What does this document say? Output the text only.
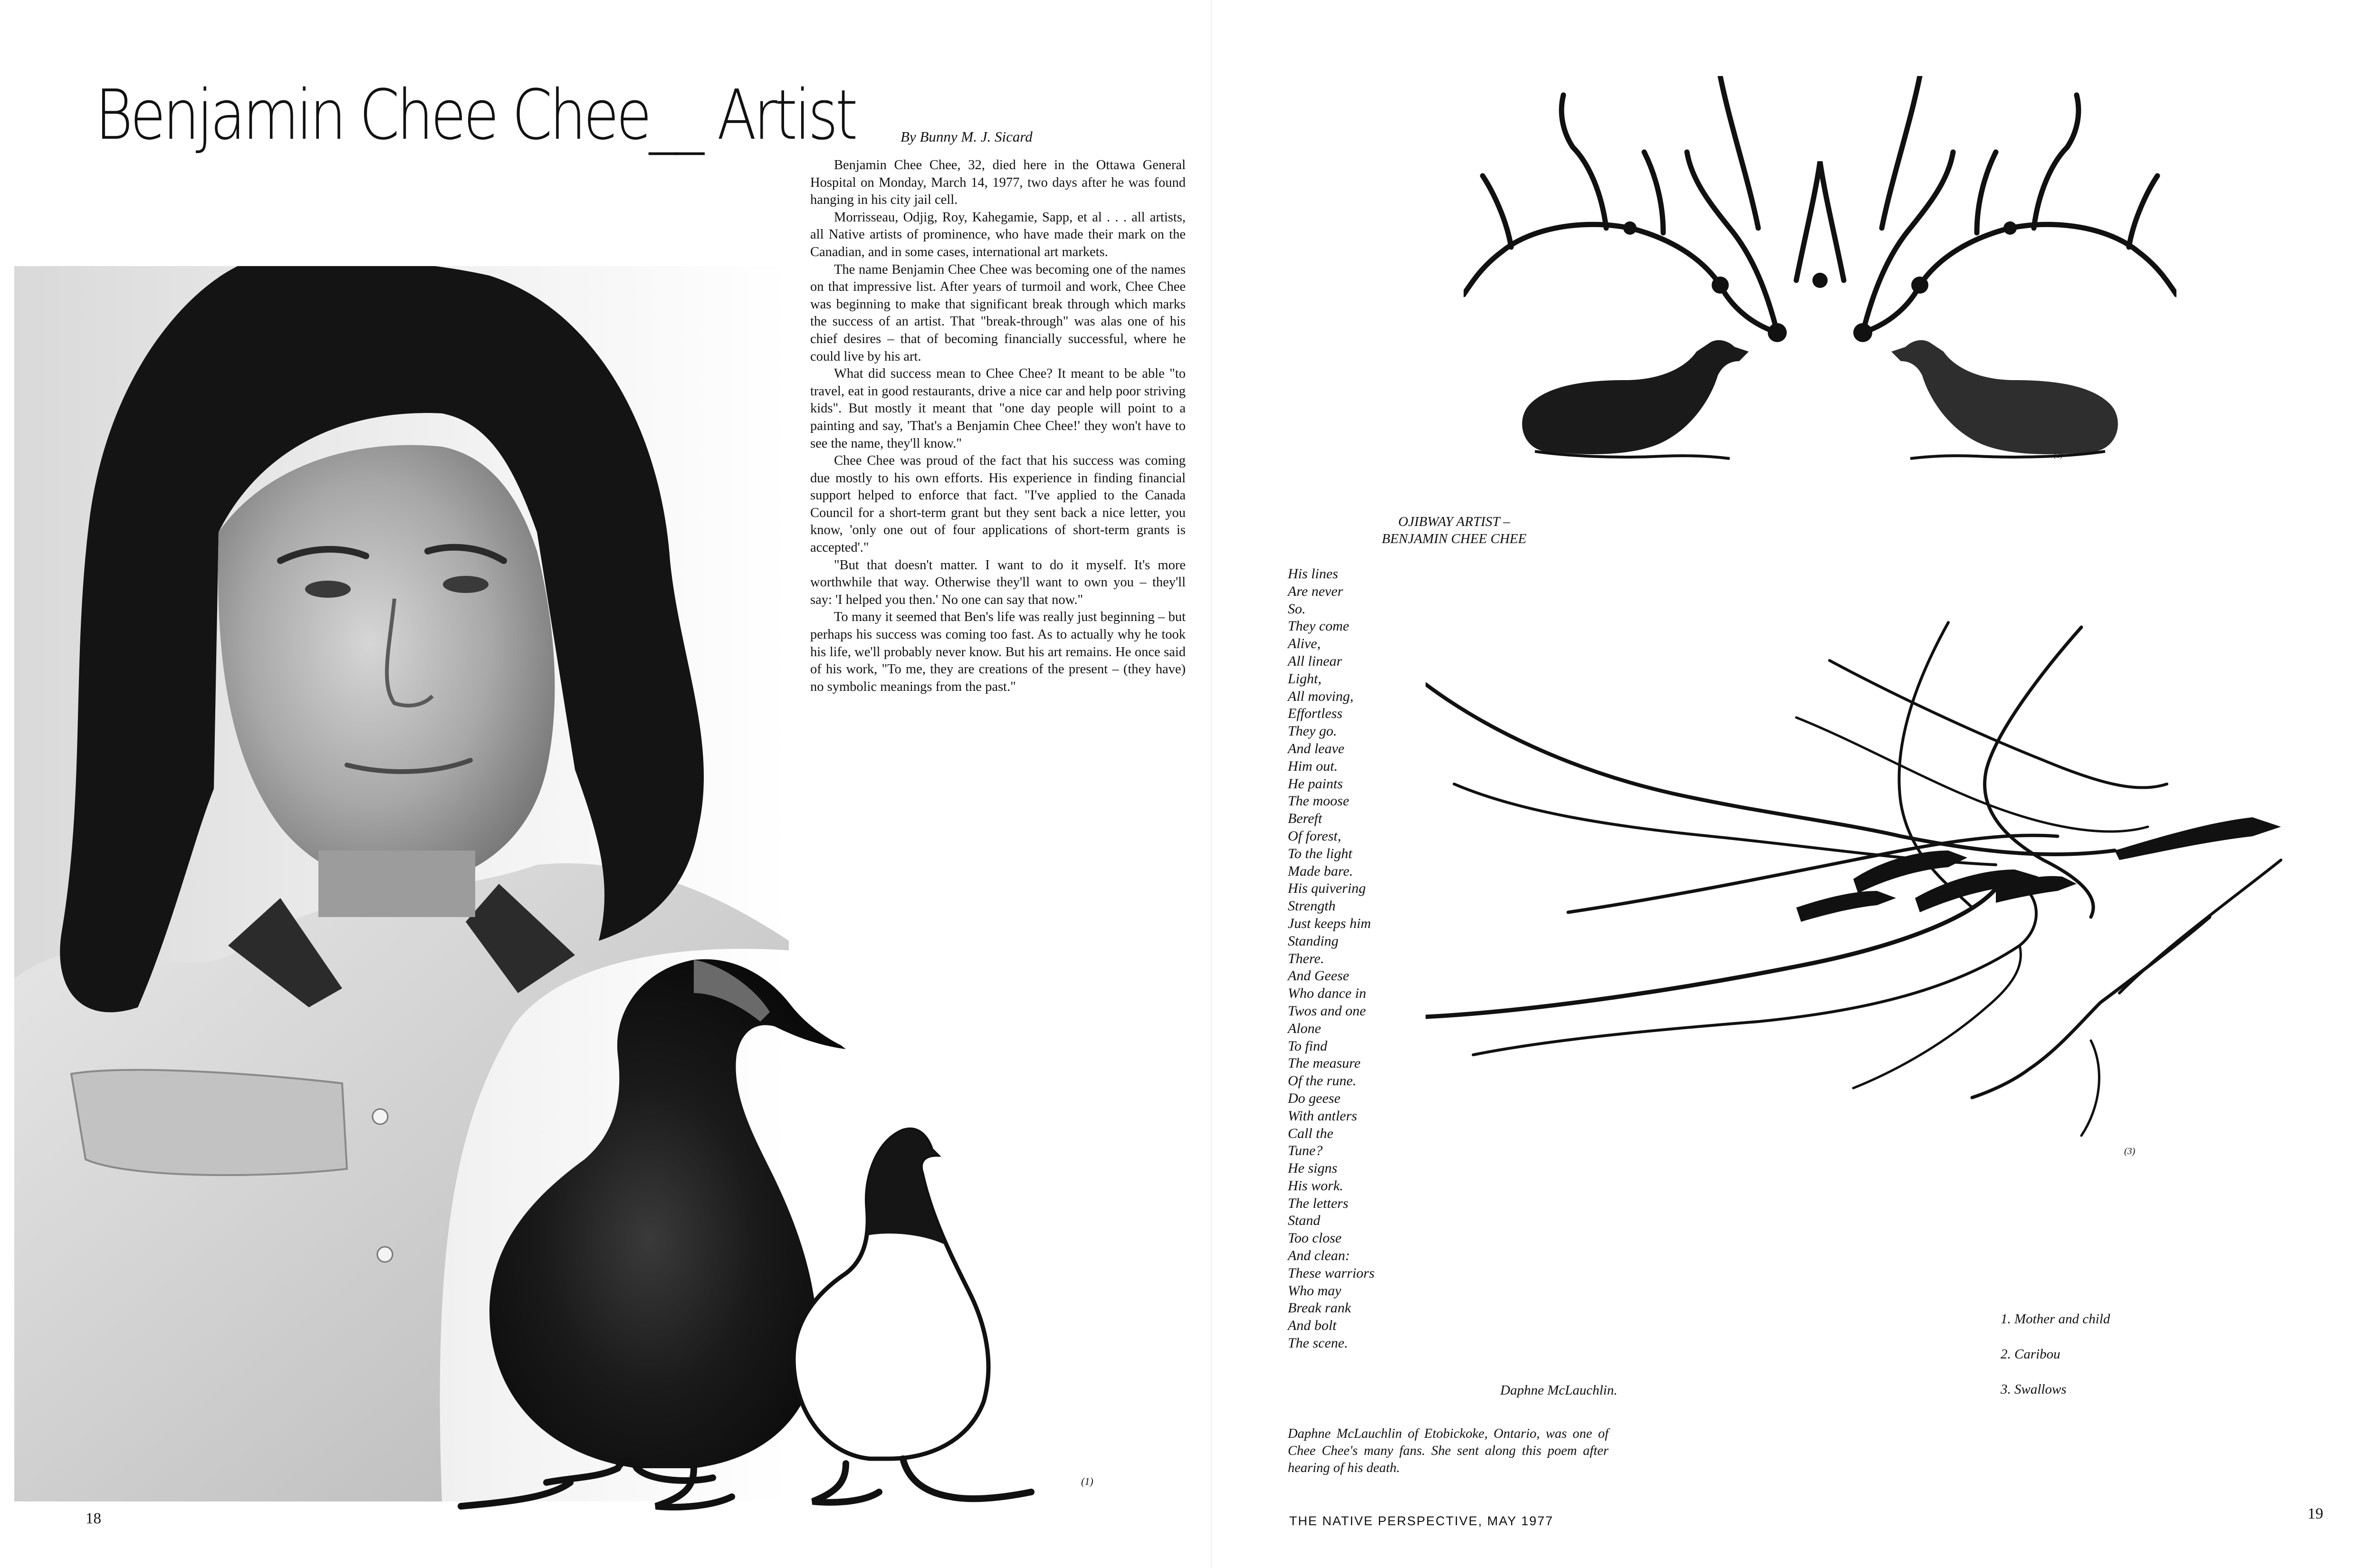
Benjamin Chee Chee__ Artist	By Bunny M. J. Sicard

Benjamin Chee Chee, 32, died here in the Ottawa General Hospital on Monday, March 14, 1977, two days after he was found hanging in his city jail cell.

Morrisseau, Odjig, Roy, Kahegamie, Sapp, et al . . . all artists, all Native artists of prominence, who have made their mark on the Canadian, and in some cases, international art markets.

The name Benjamin Chee Chee was becoming one of the names on that impressive list. After years of turmoil and work, Chee Chee was beginning to make that significant break through which marks the success of an artist. That "break-through" was alas one of his chief desires – that of becoming financially successful, where he could live by his art.

What did success mean to Chee Chee? It meant to be able "to travel, eat in good restaurants, drive a nice car and help poor striving kids". But mostly it meant that "one day people will point to a painting and say, 'That's a Benjamin Chee Chee!' they won't have to see the name, they'll know."

Chee Chee was proud of the fact that his success was coming due mostly to his own efforts. His experience in finding financial support helped to enforce that fact. "I've applied to the Canada Council for a short-term grant but they sent back a nice letter, you know, 'only one out of four applications of short-term grants is accepted'."

"But that doesn't matter. I want to do it myself. It's more worthwhile that way. Otherwise they'll want to own you – they'll say: 'I helped you then.' No one can say that now."

To many it seemed that Ben's life was really just beginning – but perhaps his success was coming too fast. As to actually why he took his life, we'll probably never know. But his art remains. He once said of his work, "To me, they are creations of the present – (they have) no symbolic meanings from the past."

(1)
18
(2)
OJIBWAY ARTIST –
BENJAMIN CHEE CHEE
His lines
Are never
So.
They come
Alive,
All linear
Light,
All moving,
Effortless
They go.
And leave
Him out.
He paints
The moose
Bereft
Of forest,
To the light
Made bare.
His quivering
Strength
Just keeps him
Standing
There.
And Geese
Who dance in
Twos and one
Alone
To find
The measure
Of the rune.
Do geese
With antlers
Call the
Tune?
He signs
His work.
The letters
Stand
Too close
And clean:
These warriors
Who may
Break rank
And bolt
The scene.
Daphne McLauchlin.
Daphne McLauchlin of Etobickoke, Ontario, was one of Chee Chee's many fans. She sent along this poem after hearing of his death.
(3)
1. Mother and child
2. Caribou
3. Swallows
THE NATIVE PERSPECTIVE, MAY 1977	19
